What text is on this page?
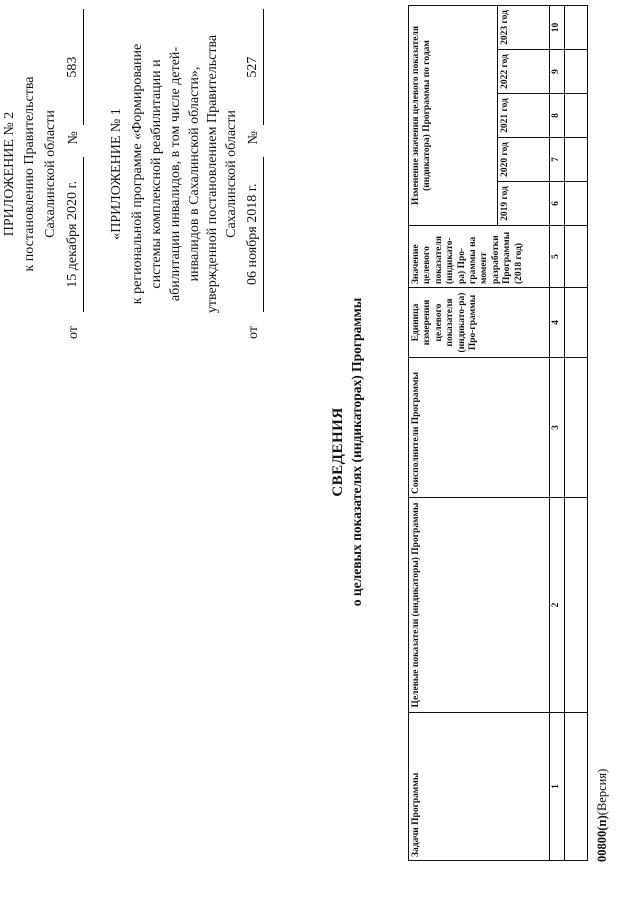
ПРИЛОЖЕНИЕ № 2 к постановлению Правительства Сахалинской области
от
15 декабря 2020 г.
№
583
«ПРИЛОЖЕНИЕ № 1 к региональной программе «Формирование системы комплексной реабилитации и абилитации инвалидов, в том числе детей- инвалидов в Сахалинской области», утвержденной постановлением Правительства Сахалинской области
от
06 ноября 2018 г.
№
527
СВЕДЕНИЯ о целевых показателях (индикаторах) Программы
Задачи Программы	Целевые показатели (индикаторы) Программы	Соисполнители Программы	Единица измерения целевого показателя (индикато-ра) Про-граммы	Значение целевого показателя (индикато-ра) Про-граммы на момент разработки Программы (2018 год)	Изменение значения целевого показателя (индикатора) Программы по годам				
					2019 год	2020 год	2021 год	2022 год	2023 год
1	2	3	4	5	6	7	8	9	10

00800(п)(Версия)
